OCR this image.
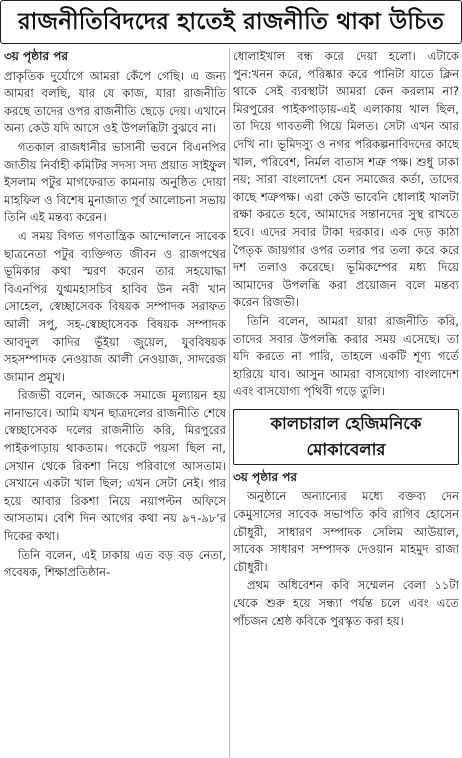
রাজনীতিবিদদের হাতেই রাজনীতি থাকা উচিত
৩য় পৃষ্ঠার পর

প্রাকৃতিক দুর্যোগে আমরা কেঁপে গেছি। এ জন্য আমরা বলছি, যার যে কাজ, যারা রাজনীতি করছে তাদের ওপর রাজনীতি ছেড়ে দেয়। এখানে অন্য কেউ যদি আসে ওই উপলব্ধিটা বুঝবে না।

গতকাল রাজধানীর ভাসানী ভবনে বিএনপির জাতীয় নির্বাহী কমিটির সদস্য সদ্য প্রয়াত সাইফুল ইসলাম পটুর মাগফেরাত কামনায় অনুষ্ঠিত দোয়া মাহফিল ও বিশেষ মুনাজাত পূর্ব আলোচনা সভায় তিনি এই মন্তব্য করেন।

এ সময় বিগত গণতান্ত্রিক আন্দোলনে সাবেক ছাত্রনেতা পটুর ব্যক্তিগত জীবন ও রাজপথের ভূমিকার কথা স্মরণ করেন তার সহযোদ্ধা বিএনপির যুগ্মমহাসচিব হাবিব উন নবী খান সোহেল, স্বেচ্ছাসেবক বিষয়ক সম্পাদক সরাফত আলী সপু, সহ-স্বেচ্ছাসেবক বিষয়ক সম্পাদক আবদুল কাদির ভূঁইয়া জুয়েল, যুববিষয়ক সহসম্পাদক নেওয়াজ আলী নেওয়াজ, সাদরেজ জামান প্রমুখ।

রিজভী বলেন, আজকে সমাজে মূল্যায়ন হয় নানাভাবে। আমি যখন ছাত্রদলের রাজনীতি শেষে স্বেচ্ছাসেবক দলের রাজনীতি করি, মিরপুরের পাইকপাড়ায় থাকতাম। পকেটে পয়সা ছিল না, সেখান থেকে রিকশা নিয়ে পরিবাগে আসতাম। সেখানে একটা খাল ছিল; এখন সেটা নেই। পার হয়ে আবার রিকশা নিয়ে নয়াপল্টন অফিসে আসতাম। বেশি দিন আগের কথা নয় ৯৭-৯৮'র দিকের কথা।

তিনি বলেন, এই ঢাকায় এত বড় বড় নেতা, গবেষক, শিক্ষাপ্রতিষ্ঠান-

ধোলাইখাল বন্ধ করে দেয়া হলো। এটাকে পুন:খনন করে, পরিষ্কার করে পানিটা যাতে ক্লিন থাকে সেই ব্যবস্থাটা আমরা কেন করলাম না? মিরপুরের পাইকপাড়ায়-এই এলাকায় খাল ছিল, তা দিয়ে গাবতলী গিয়ে মিলত। সেটা এখন আর দেখি না। ভূমিদস্যু ও নগর পরিকল্পনাবিদদের কাছে খাল, পরিবেশ, নির্মল বাতাস শত্রু পক্ষ। শুধু ঢাকা নয়; সারা বাংলাদেশ যেন সমাজের কর্তা, তাদের কাছে শত্রুপক্ষ। এরা কেউ ভাবেনি ধোলাই খালটা রক্ষা করতে হবে, আমাদের সন্তানদের সুস্থ রাখতে হবে। এদের সবার টাকা দরকার। এক দেড় কাঠা পৈতৃক জায়গার ওপর তলার পর তলা করে করে দশ তলাও করেছে। ভূমিকম্পের মধ্য দিয়ে আমাদের উপলব্ধি করা প্রয়োজন বলে মন্তব্য করেন রিজভী।

তিনি বলেন, আমরা যারা রাজনীতি করি, তাদের সবার উপলব্ধি করার সময় এসেছে। তা যদি করতে না পারি, তাহলে একটি শূণ্য গর্তে হারিয়ে যাব। আসুন আমরা বাসযোগ্য বাংলাদেশ এবং বাসযোগ্য পৃথিবী গড়ে তুলি।

কালচারাল হেজিমনিকে মোকাবেলার
৩য় পৃষ্ঠার পর

অনুষ্ঠানে অন্যান্যের মধ্যে বক্তব্য দেন কেমুসাসের সাবেক সভাপতি কবি রাগিব হোসেন চৌধুরী, সাধারণ সম্পাদক সেলিম আউয়াল, সাবেক সাধারণ সম্পাদক দেওয়ান মাহমুদ রাজা চৌধুরী।

প্রথম অধিবেশন কবি সম্মেলন বেলা ১১টা থেকে শুরু হয়ে সন্ধ্যা পর্যন্ত চলে এবং এতে পাঁচজন শ্রেষ্ঠ কবিকে পুরস্কৃত করা হয়।
